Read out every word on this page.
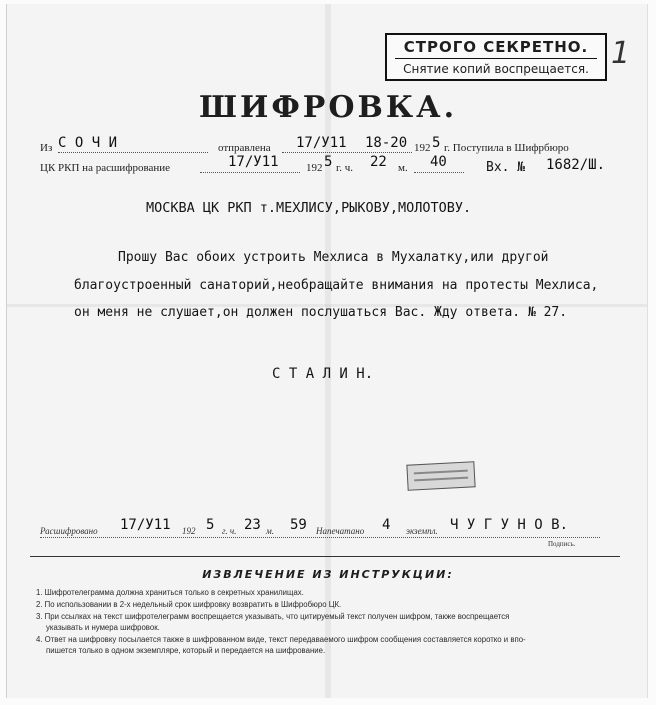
СТРОГО СЕКРЕТНО.
Снятие копий воспрещается. 1
ШИФРОВКА.
Из С О Ч И	отправлена 17/У11 18-20 192 5 г. Поступила в Шифрбюро
ЦК РКП на расшифрование	17/У11 192 5 г. ч. 22 м. 40	Вх. № 1682/Ш.
МОСКВА ЦК РКП т.МЕХЛИСУ,РЫКОВУ,МОЛОТОВУ.
Прошу Вас обоих устроить Мехлиса в Мухалатку,или другой
благоустроенный санаторий,необращайте внимания на протесты Мехлиса,
он меня не слушает,он должен послушаться Вас. Жду ответа. № 27.
С Т А Л И Н.
Расшифровано 17/У11 192 5 г. ч. 23 м. 59 Напечатано 4 экземпл. Ч У Г У Н О В.
Подпись.
ИЗВЛЕЧЕНИЕ ИЗ ИНСТРУКЦИИ:
1. Шифротелеграмма должна храниться только в секретных хранилищах.
2. По использовании в 2-х недельный срок шифровку возвратить в Шифробюро ЦК.
3. При ссылках на текст шифротелеграмм воспрещается указывать, что цитируемый текст получен шифром, также воспрещается
указывать и нумера шифровок.
4. Ответ на шифровку посылается также в шифрованном виде, текст передаваемого шифром сообщения составляется коротко и впо-
пишется только в одном экземпляре, который и передается на шифрование.
